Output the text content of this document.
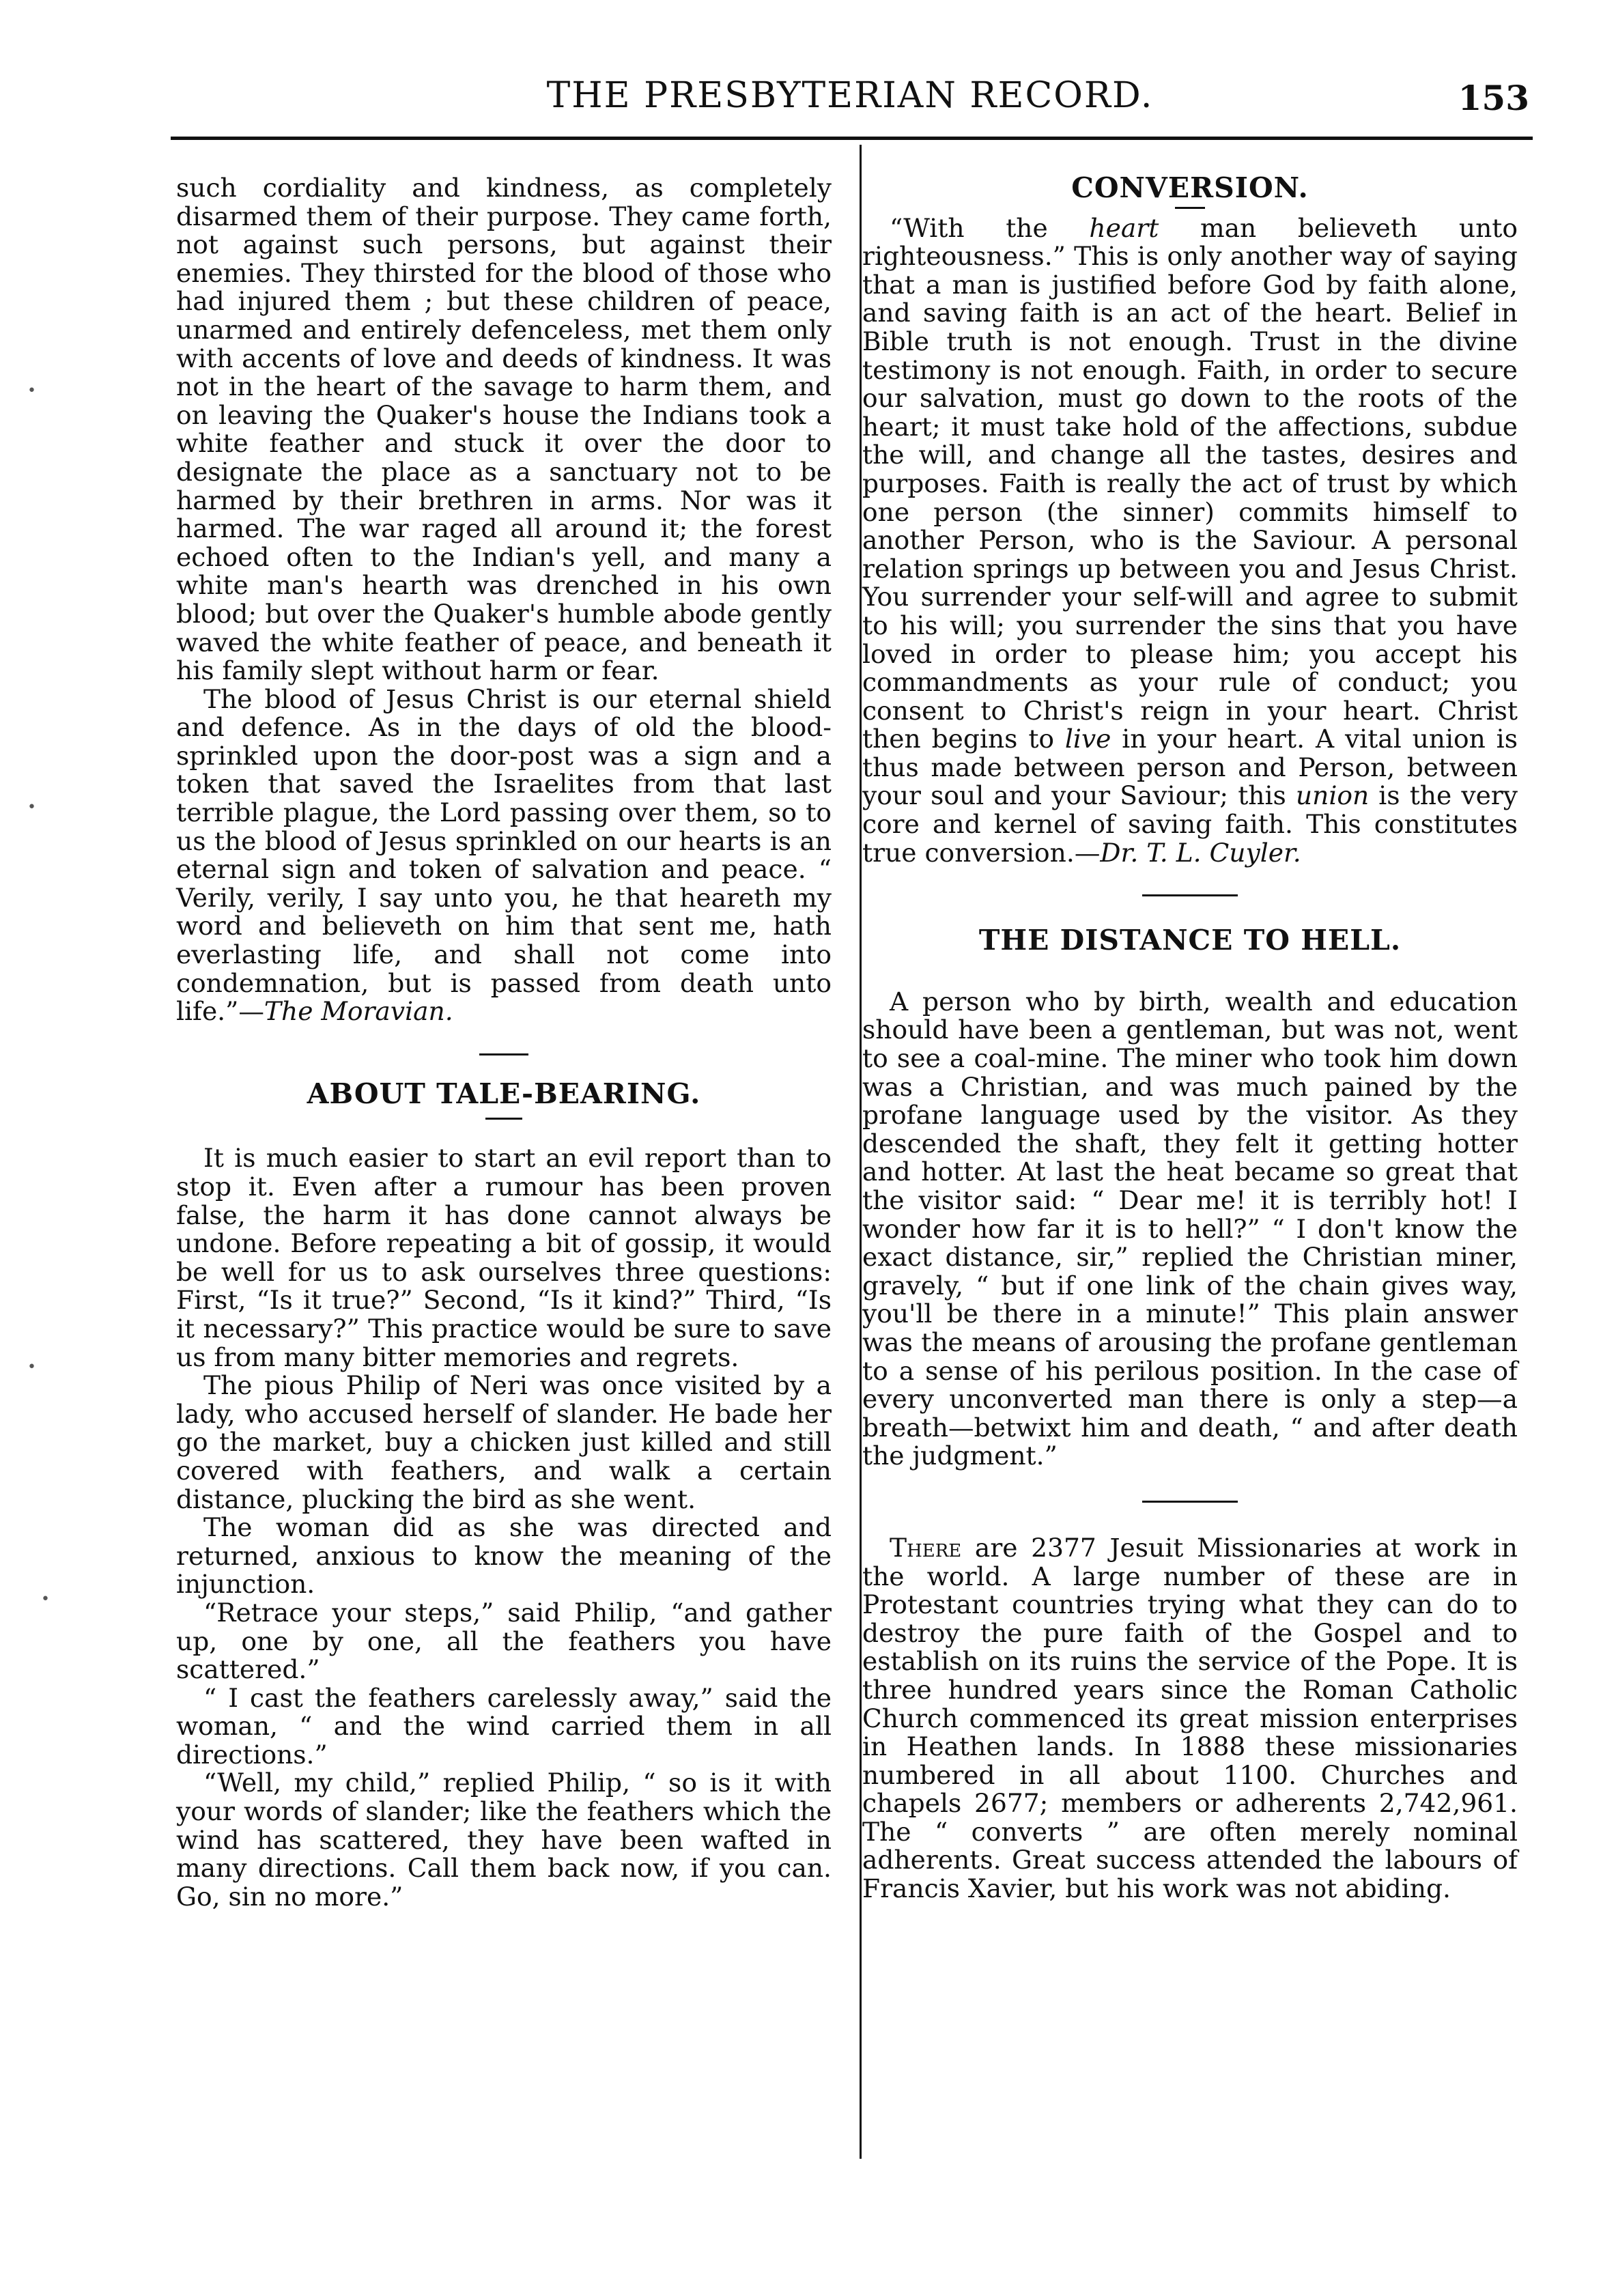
THE PRESBYTERIAN RECORD.	153
•
•
•
•

such cordiality and kindness, as completely disarmed them of their purpose. They came forth, not against such persons, but against their enemies. They thirsted for the blood of those who had injured them ; but these children of peace, unarmed and entirely defenceless, met them only with accents of love and deeds of kindness. It was not in the heart of the savage to harm them, and on leaving the Quaker's house the Indians took a white feather and stuck it over the door to designate the place as a sanctuary not to be harmed by their brethren in arms. Nor was it harmed. The war raged all around it; the forest echoed often to the Indian's yell, and many a white man's hearth was drenched in his own blood; but over the Quaker's humble abode gently waved the white feather of peace, and beneath it his family slept without harm or fear.

The blood of Jesus Christ is our eternal shield and defence. As in the days of old the blood-sprinkled upon the door-post was a sign and a token that saved the Israelites from that last terrible plague, the Lord passing over them, so to us the blood of Jesus sprinkled on our hearts is an eternal sign and token of salvation and peace. “ Verily, verily, I say unto you, he that heareth my word and believeth on him that sent me, hath everlasting life, and shall not come into condemnation, but is passed from death unto life.”—The Moravian.

ABOUT TALE-BEARING.

It is much easier to start an evil report than to stop it. Even after a rumour has been proven false, the harm it has done cannot always be undone. Before repeating a bit of gossip, it would be well for us to ask ourselves three questions: First, “Is it true?” Second, “Is it kind?” Third, “Is it necessary?” This practice would be sure to save us from many bitter memories and regrets.

The pious Philip of Neri was once visited by a lady, who accused herself of slander. He bade her go the market, buy a chicken just killed and still covered with feathers, and walk a certain distance, plucking the bird as she went.

The woman did as she was directed and returned, anxious to know the meaning of the injunction.

“Retrace your steps,” said Philip, “and gather up, one by one, all the feathers you have scattered.”

“ I cast the feathers carelessly away,” said the woman, “ and the wind carried them in all directions.”

“Well, my child,” replied Philip, “ so is it with your words of slander; like the feathers which the wind has scattered, they have been wafted in many directions. Call them back now, if you can. Go, sin no more.”

CONVERSION.

“With the heart man believeth unto righteousness.” This is only another way of saying that a man is justified before God by faith alone, and saving faith is an act of the heart. Belief in Bible truth is not enough. Trust in the divine testimony is not enough. Faith, in order to secure our salvation, must go down to the roots of the heart; it must take hold of the affections, subdue the will, and change all the tastes, desires and purposes. Faith is really the act of trust by which one person (the sinner) commits himself to another Person, who is the Saviour. A personal relation springs up between you and Jesus Christ. You surrender your self-will and agree to submit to his will; you surrender the sins that you have loved in order to please him; you accept his commandments as your rule of conduct; you consent to Christ's reign in your heart. Christ then begins to live in your heart. A vital union is thus made between person and Person, between your soul and your Saviour; this union is the very core and kernel of saving faith. This constitutes true conversion.—Dr. T. L. Cuyler.

THE DISTANCE TO HELL.

A person who by birth, wealth and education should have been a gentleman, but was not, went to see a coal-mine. The miner who took him down was a Christian, and was much pained by the profane language used by the visitor. As they descended the shaft, they felt it getting hotter and hotter. At last the heat became so great that the visitor said: “ Dear me! it is terribly hot! I wonder how far it is to hell?” “ I don't know the exact distance, sir,” replied the Christian miner, gravely, “ but if one link of the chain gives way, you'll be there in a minute!” This plain answer was the means of arousing the profane gentleman to a sense of his perilous position. In the case of every unconverted man there is only a step—a breath—betwixt him and death, “ and after death the judgment.”

There are 2377 Jesuit Missionaries at work in the world. A large number of these are in Protestant countries trying what they can do to destroy the pure faith of the Gospel and to establish on its ruins the service of the Pope. It is three hundred years since the Roman Catholic Church commenced its great mission enterprises in Heathen lands. In 1888 these missionaries numbered in all about 1100. Churches and chapels 2677; members or adherents 2,742,961. The “ converts ” are often merely nominal adherents. Great success attended the labours of Francis Xavier, but his work was not abiding.
